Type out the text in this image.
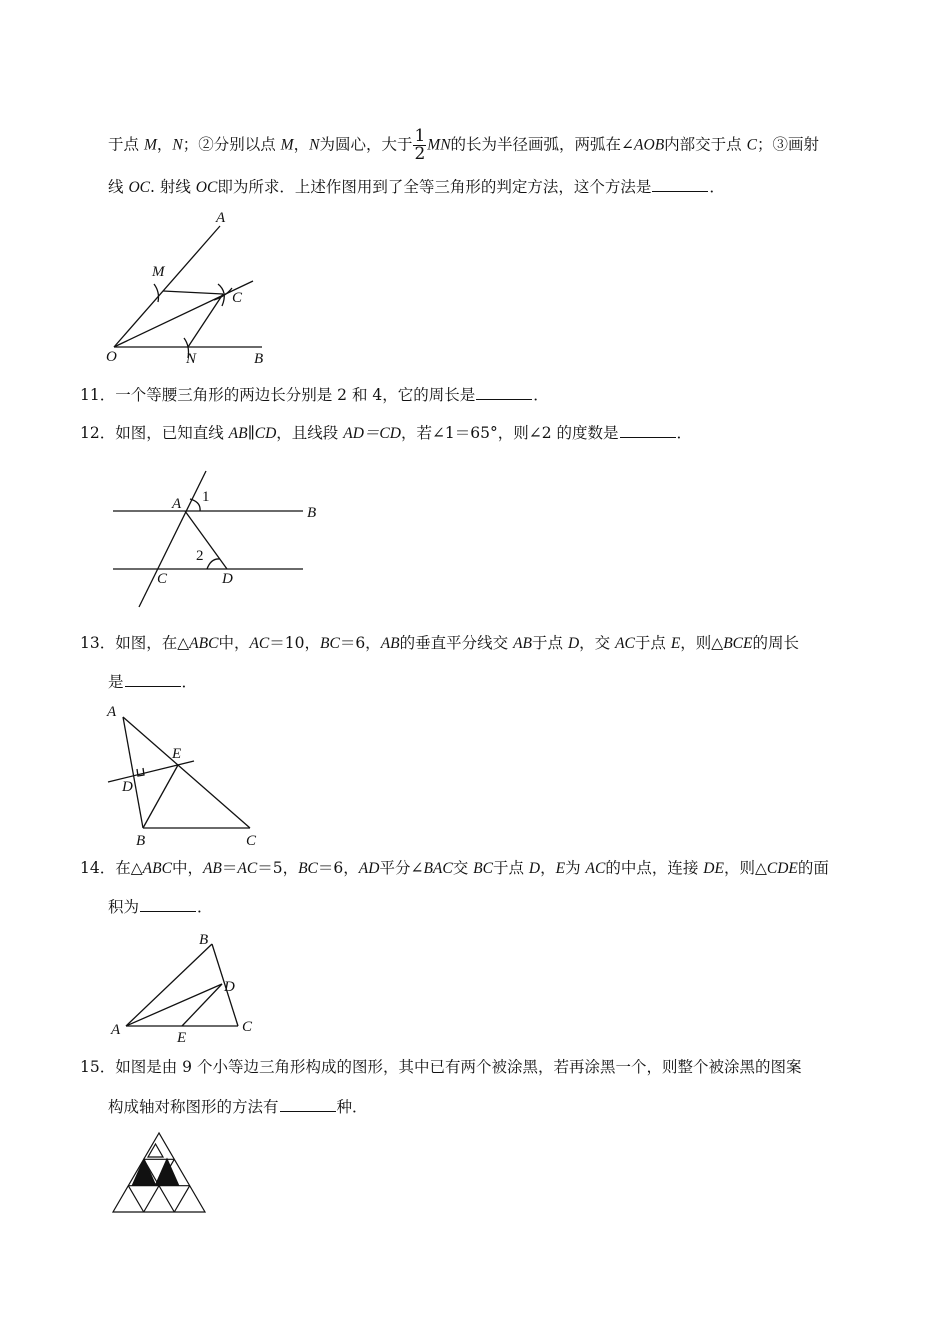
于点 M，N；②分别以点 M，N为圆心，大于 $\frac{1}{2}$ MN的长为半径画弧，两弧在∠AOB内部交于点 C；③画射
线 OC. 射线 OC即为所求．上述作图用到了全等三角形的判定方法，这个方法是	．
A
M
C
O	N	B
11．一个等腰三角形的两边长分别是 2 和 4，它的周长是	．
12．如图，已知直线 AB∥CD，且线段 AD＝CD，若∠1＝65°，则∠2 的度数是	．
A 1
B
2
C	D
13．如图，在△ABC中，AC＝10，BC＝6，AB的垂直平分线交 AB于点 D，交 AC于点 E，则△BCE的周长
是	．
A
E
D
B	C
14．在△ABC中，AB＝AC＝5，BC＝6，AD平分∠BAC交 BC于点 D，E为 AC的中点，连接 DE，则△CDE的面
积为	．
B
D
A	E
C
15．如图是由 9 个小等边三角形构成的图形，其中已有两个被涂黑，若再涂黑一个，则整个被涂黑的图案
构成轴对称图形的方法有	种．
